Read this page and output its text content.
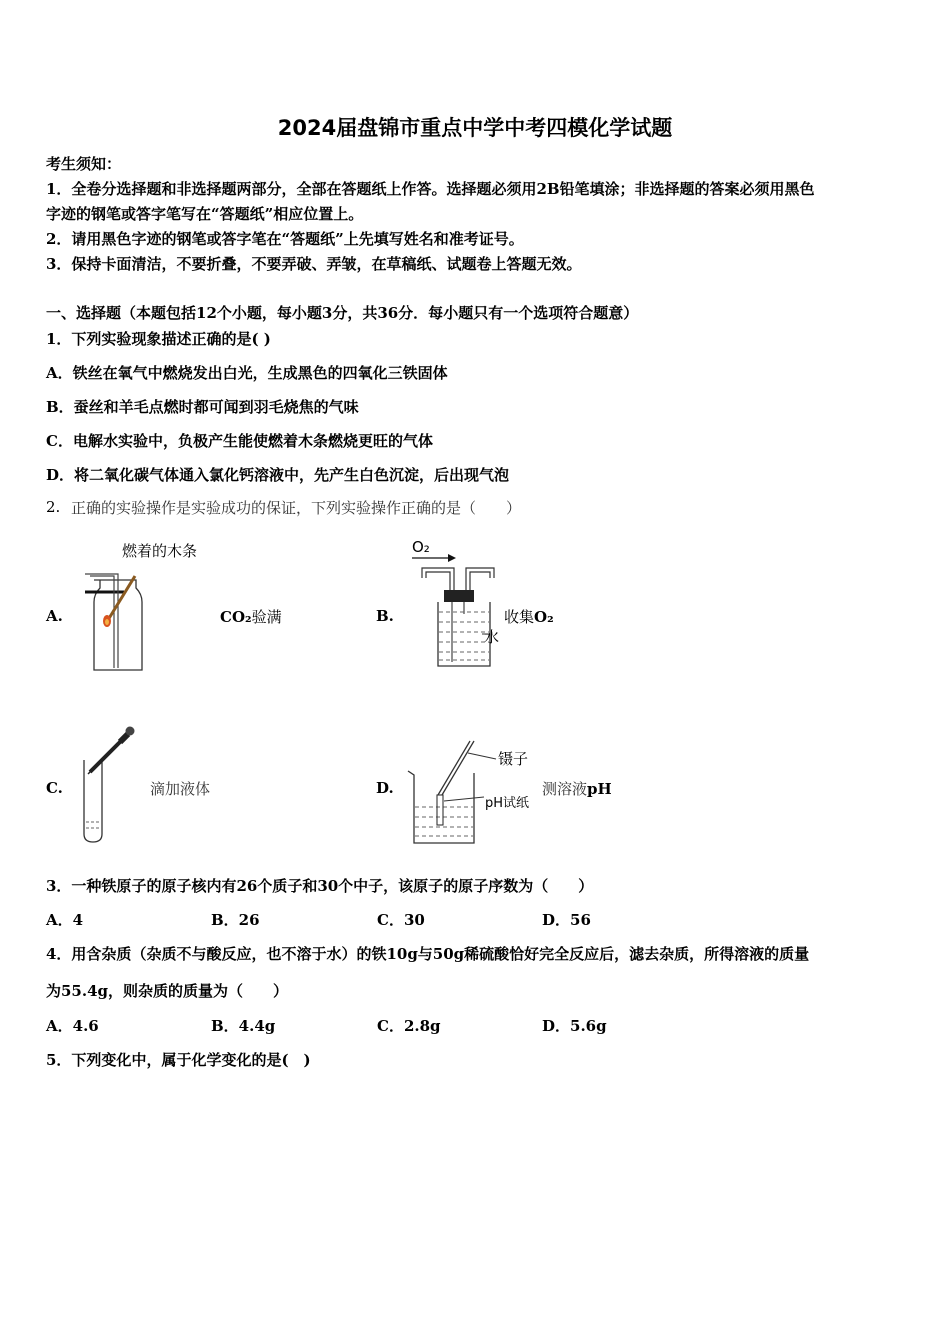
2024届盘锦市重点中学中考四模化学试题
考生须知：
1．全卷分选择题和非选择题两部分，全部在答题纸上作答。选择题必须用2B铅笔填涂；非选择题的答案必须用黑色
字迹的钢笔或答字笔写在“答题纸”相应位置上。
2．请用黑色字迹的钢笔或答字笔在“答题纸”上先填写姓名和准考证号。
3．保持卡面清洁，不要折叠，不要弄破、弄皱，在草稿纸、试题卷上答题无效。
一、选择题（本题包括12个小题，每小题3分，共36分．每小题只有一个选项符合题意）
1．下列实验现象描述正确的是( )
A．铁丝在氧气中燃烧发出白光，生成黑色的四氧化三铁固体
B．蚕丝和羊毛点燃时都可闻到羽毛烧焦的气味
C．电解水实验中，负极产生能使燃着木条燃烧更旺的气体
D．将二氧化碳气体通入氯化钙溶液中，先产生白色沉淀，后出现气泡
2. 正确的实验操作是实验成功的保证，下列实验操作正确的是（　　）
A.
燃着的木条
CO₂验满	B.
O₂
水
收集O₂
C.	滴加液体	D.
镊子
pH试纸
测溶液pH
3．一种铁原子的原子核内有26个质子和30个中子，该原子的原子序数为（　　）
A．4	B．26	C．30	D．56
4．用含杂质（杂质不与酸反应，也不溶于水）的铁10g与50g稀硫酸恰好完全反应后，滤去杂质，所得溶液的质量
为55.4g，则杂质的质量为（　　）
A．4.6	B．4.4g	C．2.8g	D．5.6g
5．下列变化中，属于化学变化的是(　)
